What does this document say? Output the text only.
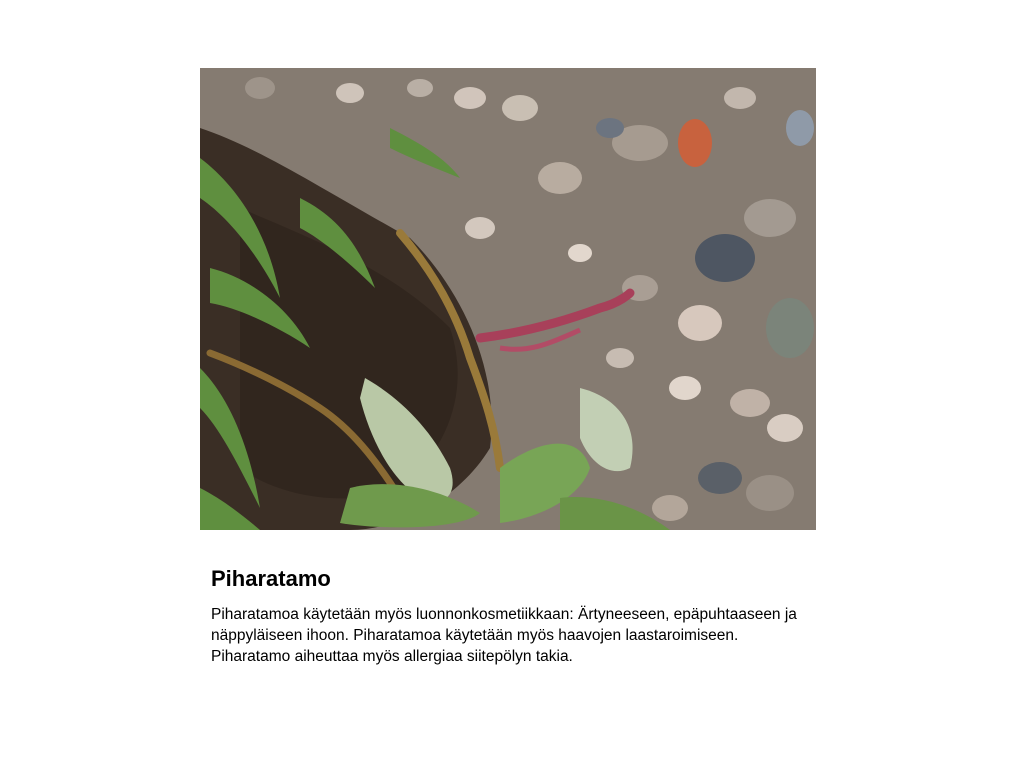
Piharatamo

Piharatamoa käytetään myös luonnonkosmetiikkaan: Ärtyneeseen, epäpuhtaaseen ja näppyläiseen ihoon. Piharatamoa käytetään myös haavojen laastaroimiseen. Piharatamo aiheuttaa myös allergiaa siitepölyn takia.
